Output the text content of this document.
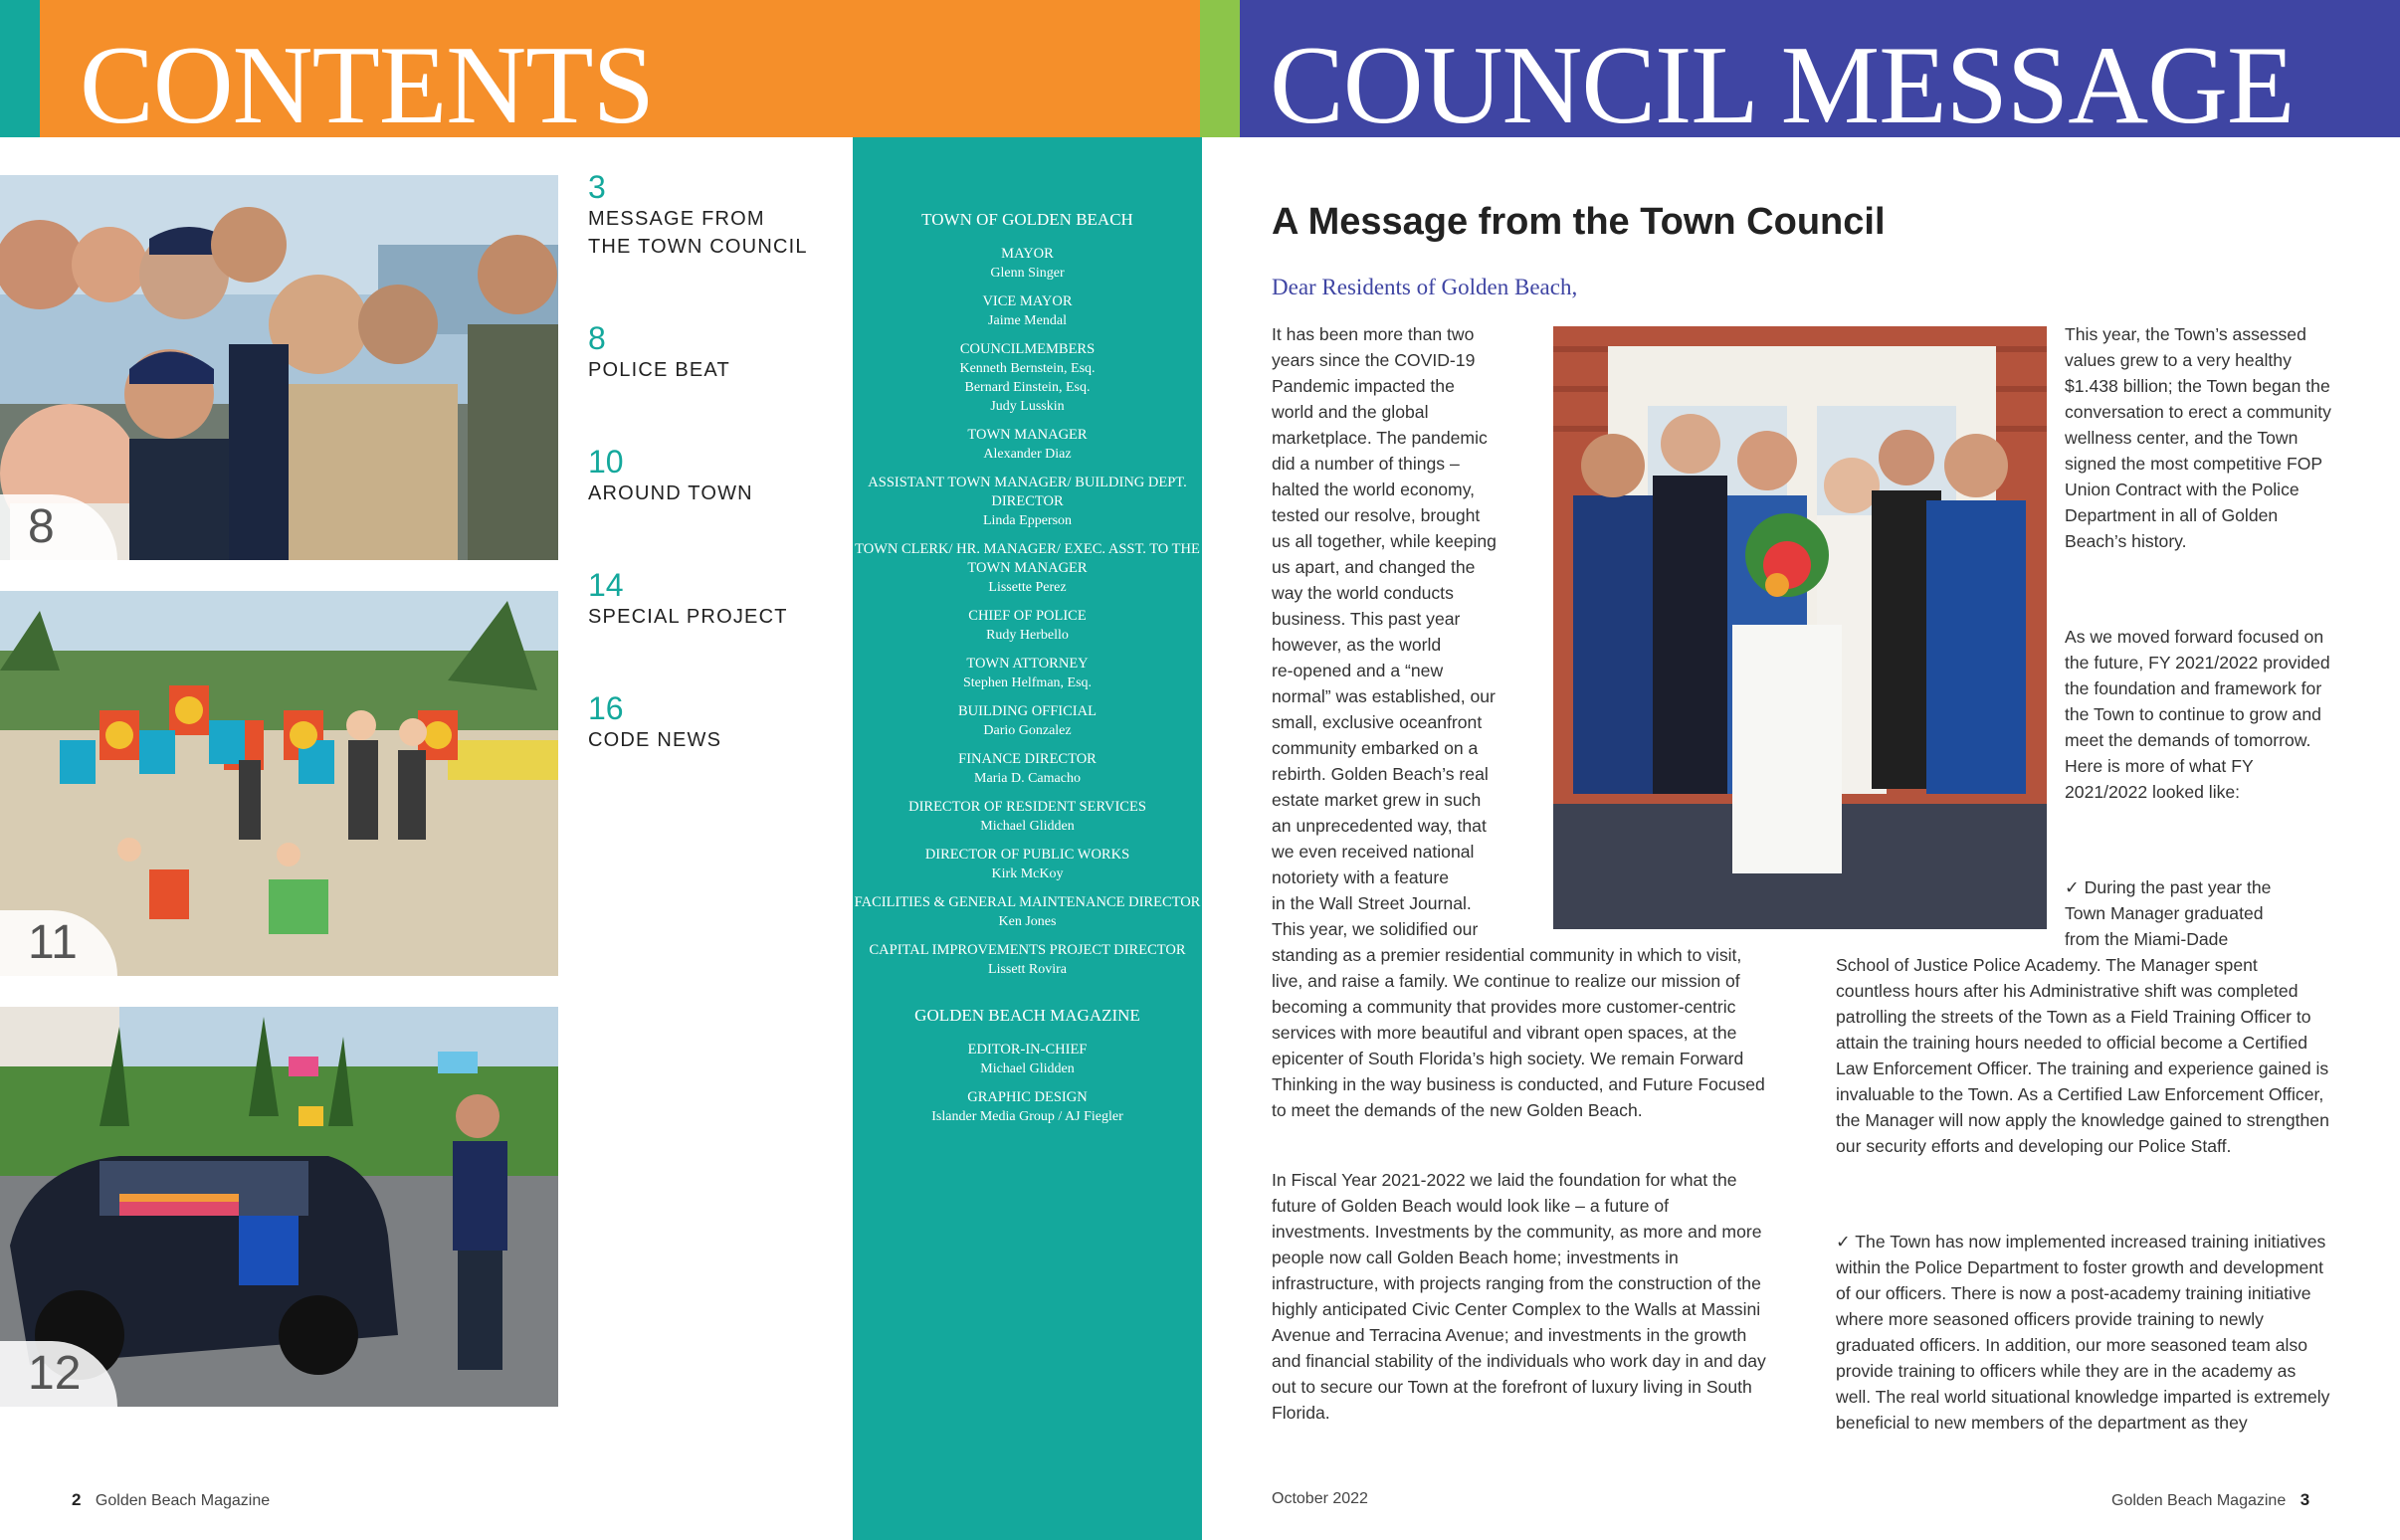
CONTENTS	COUNCIL MESSAGE
8
11
12
3
MESSAGE FROM
THE TOWN COUNCIL
8
POLICE BEAT
10
AROUND TOWN
14
SPECIAL PROJECT
16
CODE NEWS
TOWN OF GOLDEN BEACH
MAYOR
Glenn Singer
VICE MAYOR
Jaime Mendal
COUNCILMEMBERS
Kenneth Bernstein, Esq.
Bernard Einstein, Esq.
Judy Lusskin
TOWN MANAGER
Alexander Diaz
ASSISTANT TOWN MANAGER/ BUILDING DEPT. DIRECTOR
Linda Epperson
TOWN CLERK/ HR. MANAGER/ EXEC. ASST. TO THE TOWN MANAGER
Lissette Perez
CHIEF OF POLICE
Rudy Herbello
TOWN ATTORNEY
Stephen Helfman, Esq.
BUILDING OFFICIAL
Dario Gonzalez
FINANCE DIRECTOR
Maria D. Camacho
DIRECTOR OF RESIDENT SERVICES
Michael Glidden
DIRECTOR OF PUBLIC WORKS
Kirk McKoy
FACILITIES & GENERAL MAINTENANCE DIRECTOR
Ken Jones
CAPITAL IMPROVEMENTS PROJECT DIRECTOR
Lissett Rovira
GOLDEN BEACH MAGAZINE
EDITOR-IN-CHIEF
Michael Glidden
GRAPHIC DESIGN
Islander Media Group / AJ Fiegler
2 Golden Beach Magazine
A Message from the Town Council
Dear Residents of Golden Beach,
It has been more than two
years since the COVID-19
Pandemic impacted the
world and the global
marketplace. The pandemic
did a number of things –
halted the world economy,
tested our resolve, brought
us all together, while keeping
us apart, and changed the
way the world conducts
business. This past year
however, as the world
re-opened and a “new
normal” was established, our
small, exclusive oceanfront
community embarked on a
rebirth. Golden Beach’s real
estate market grew in such
an unprecedented way, that
we even received national
notoriety with a feature
in the Wall Street Journal.
This year, we solidified our

standing as a premier residential community in which to visit, live, and raise a family. We continue to realize our mission of becoming a community that provides more customer-centric services with more beautiful and vibrant open spaces, at the epicenter of South Florida’s high society. We remain Forward Thinking in the way business is conducted, and Future Focused to meet the demands of the new Golden Beach.

In Fiscal Year 2021-2022 we laid the foundation for what the future of Golden Beach would look like – a future of investments. Investments by the community, as more and more people now call Golden Beach home; investments in infrastructure, with projects ranging from the construction of the highly anticipated Civic Center Complex to the Walls at Massini Avenue and Terracina Avenue; and investments in the growth and financial stability of the individuals who work day in and day out to secure our Town at the forefront of luxury living in South Florida.

This year, the Town’s assessed values grew to a very healthy $1.438 billion; the Town began the conversation to erect a community wellness center, and the Town signed the most competitive FOP Union Contract with the Police Department in all of Golden Beach’s history.

As we moved forward focused on the future, FY 2021/2022 provided the foundation and framework for the Town to continue to grow and meet the demands of tomorrow. Here is more of what FY 2021/2022 looked like:

✓ During the past year the
Town Manager graduated
from the Miami-Dade

School of Justice Police Academy. The Manager spent countless hours after his Administrative shift was completed patrolling the streets of the Town as a Field Training Officer to attain the training hours needed to official become a Certified Law Enforcement Officer. The training and experience gained is invaluable to the Town. As a Certified Law Enforcement Officer, the Manager will now apply the knowledge gained to strengthen our security efforts and developing our Police Staff.

✓ The Town has now implemented increased training initiatives within the Police Department to foster growth and development of our officers. There is now a post-academy training initiative where more seasoned officers provide training to newly graduated officers. In addition, our more seasoned team also provide training to officers while they are in the academy as well. The real world situational knowledge imparted is extremely beneficial to new members of the department as they

October 2022	Golden Beach Magazine 3
